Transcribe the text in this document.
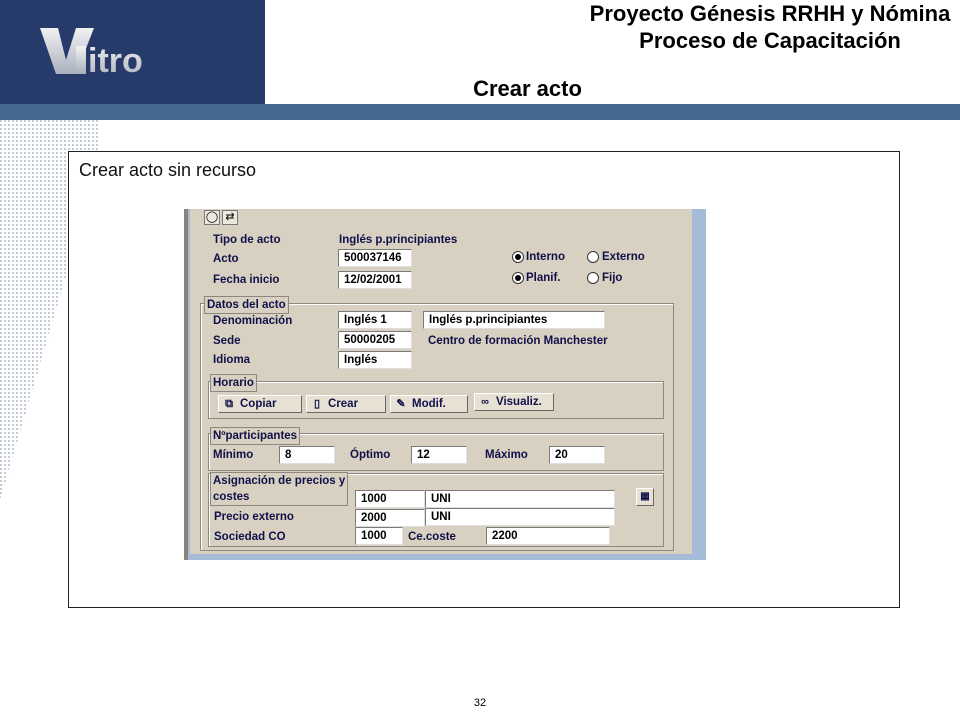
itro
Proyecto Génesis RRHH y Nómina
Proceso de Capacitación
Crear acto
Crear acto sin recurso
◯ ⇄
Tipo de acto	Inglés p.principiantes
Acto	500037146
Fecha inicio	12/02/2001
Interno	Externo
Planif.	Fijo
Datos del acto
Denominación	Inglés 1	Inglés p.principiantes
Sede	50000205	Centro de formación Manchester
Idioma	Inglés
Horario
⧉ Copiar	▯ Crear	✎ Modif.	∞ Visualiz.
Nºparticipantes
Mínimo	8	Óptimo	12	Máximo	20
Asignación de precios y
costes	1000	UNI	▦
Precio externo	2000	UNI
Sociedad CO	1000	Ce.coste	2200
32
